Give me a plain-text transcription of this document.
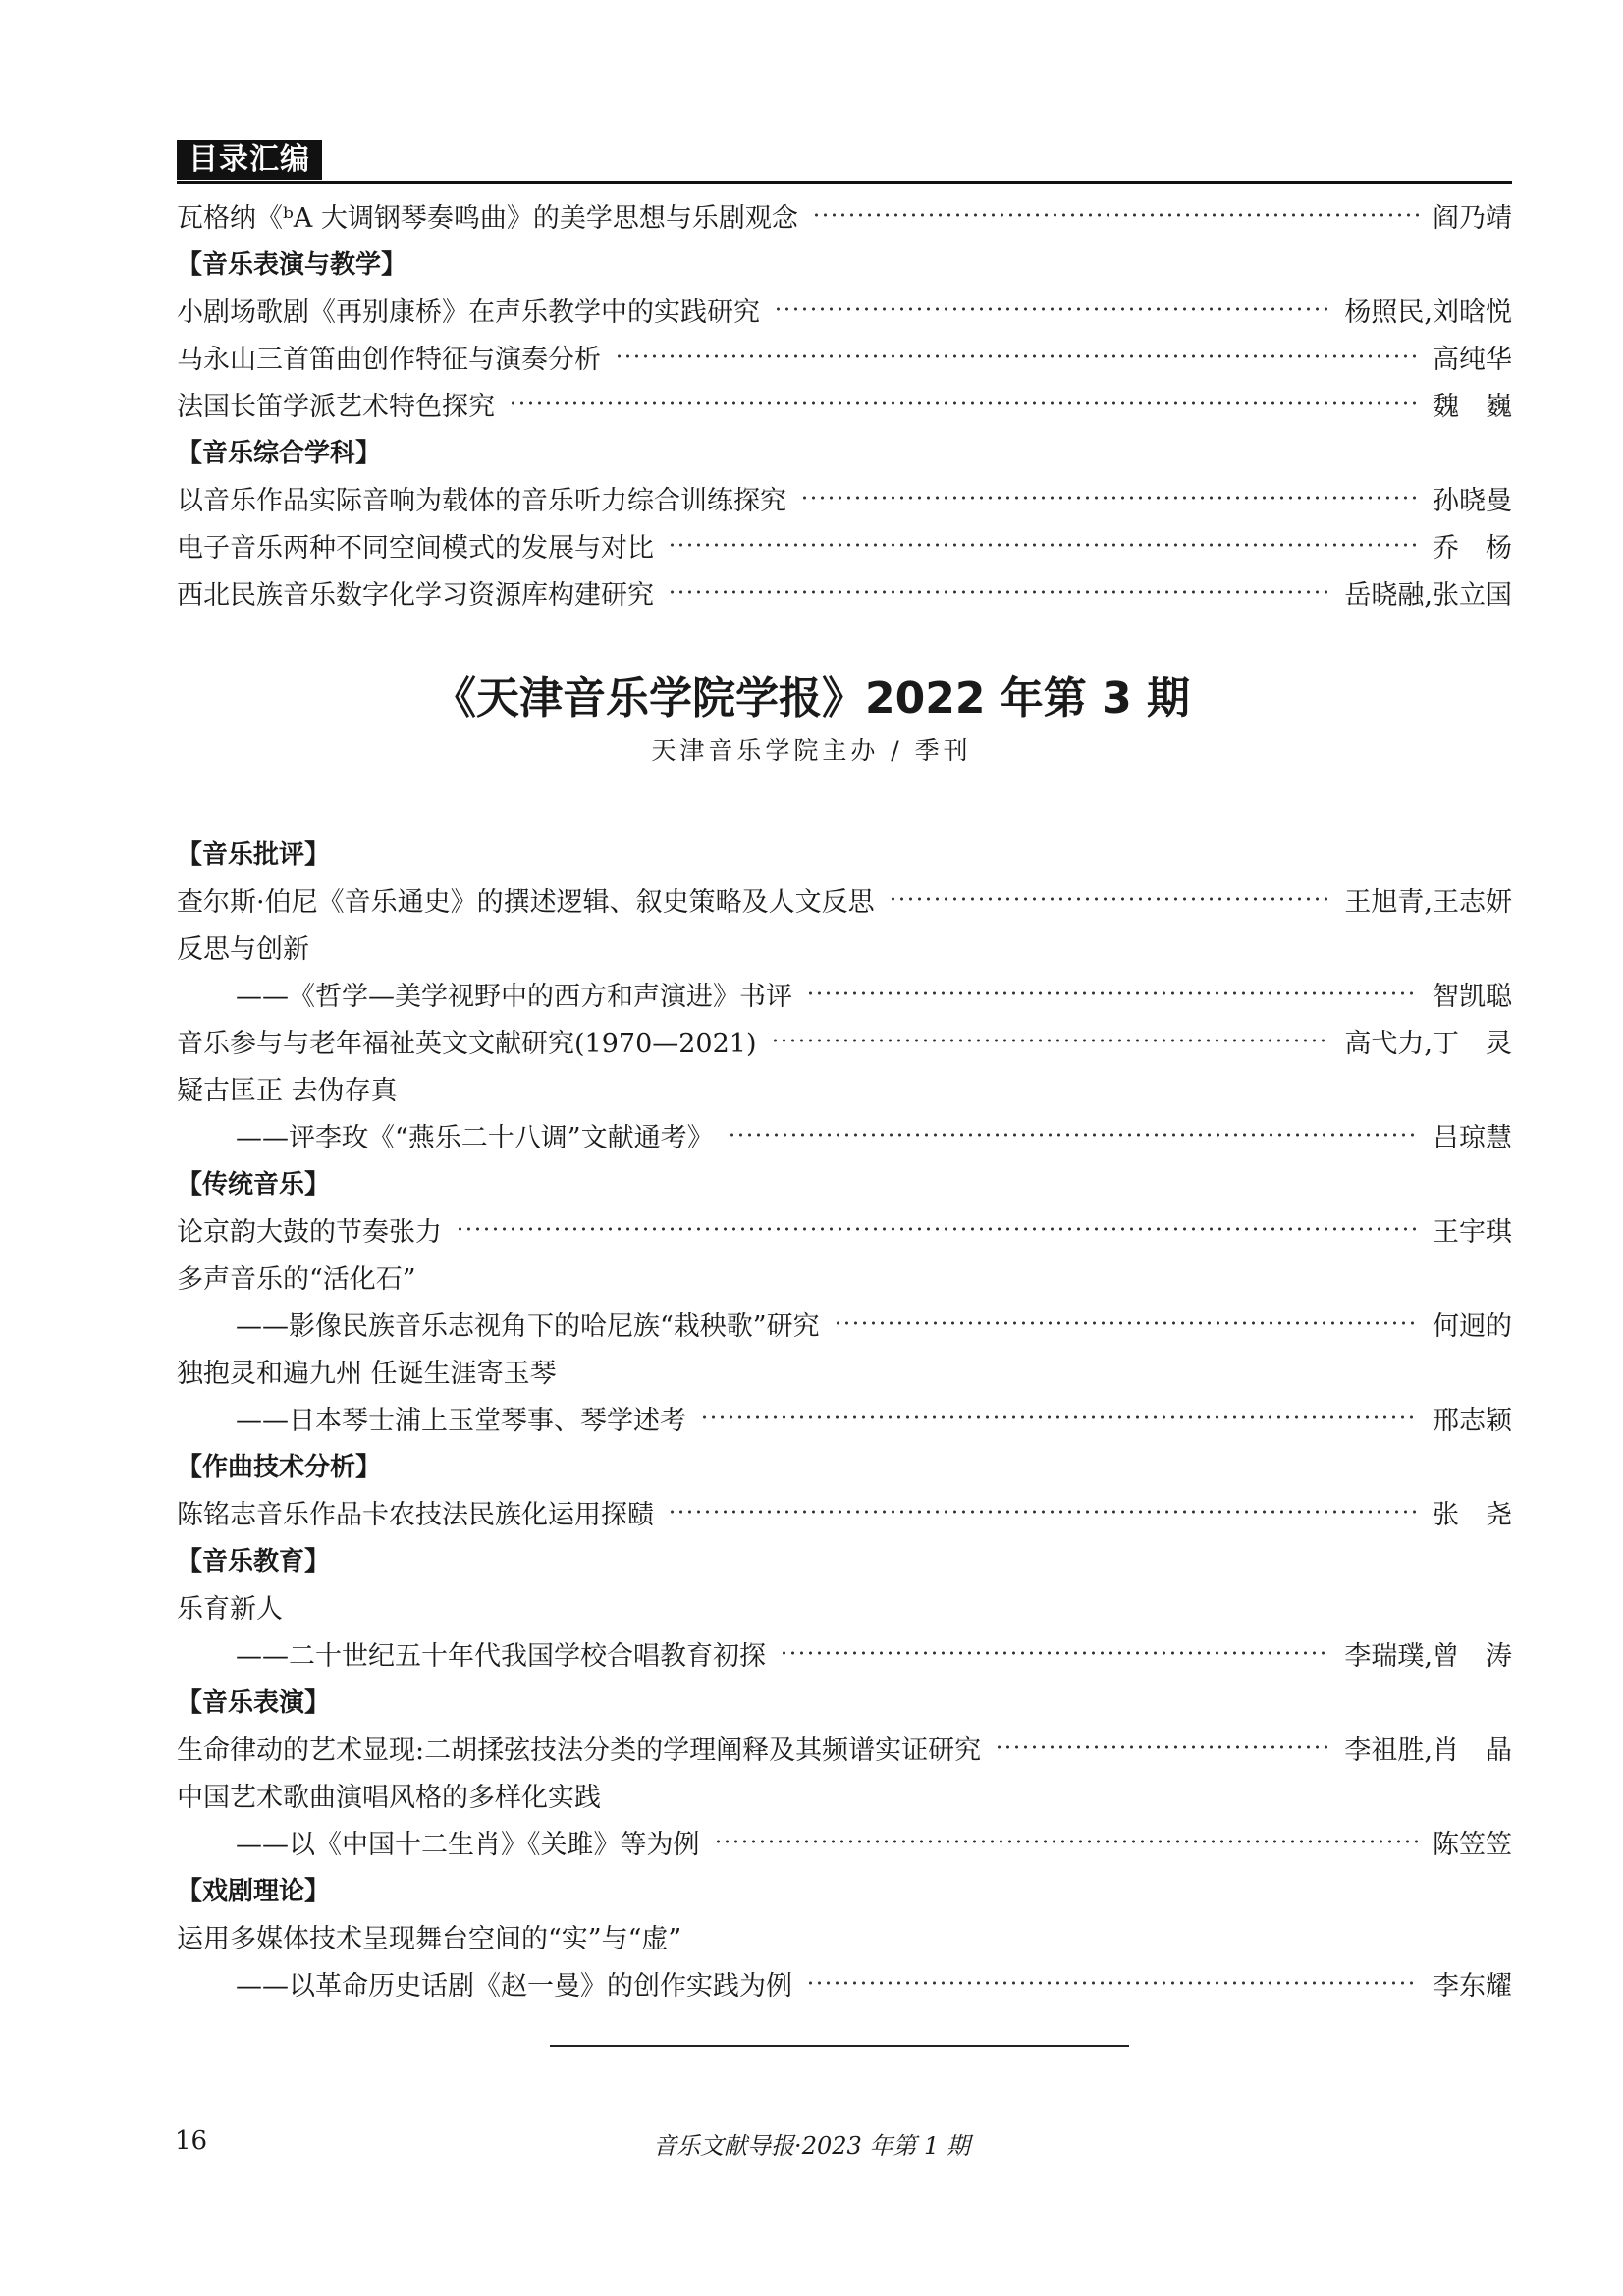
目录汇编
瓦格纳《ᵇA 大调钢琴奏鸣曲》的美学思想与乐剧观念	阎乃靖
【音乐表演与教学】
小剧场歌剧《再别康桥》在声乐教学中的实践研究	杨照民,刘晗悦
马永山三首笛曲创作特征与演奏分析	高纯华
法国长笛学派艺术特色探究	魏　巍
【音乐综合学科】
以音乐作品实际音响为载体的音乐听力综合训练探究	孙晓曼
电子音乐两种不同空间模式的发展与对比	乔　杨
西北民族音乐数字化学习资源库构建研究	岳晓融,张立国
《天津音乐学院学报》2022 年第 3 期
天津音乐学院主办 / 季刊
【音乐批评】
查尔斯·伯尼《音乐通史》的撰述逻辑、叙史策略及人文反思	王旭青,王志妍
反思与创新
——《哲学—美学视野中的西方和声演进》书评	智凯聪
音乐参与与老年福祉英文文献研究(1970—2021)	高弋力,丁　灵
疑古匡正 去伪存真
——评李玫《“燕乐二十八调”文献通考》	吕琼慧
【传统音乐】
论京韵大鼓的节奏张力	王宇琪
多声音乐的“活化石”
——影像民族音乐志视角下的哈尼族“栽秧歌”研究	何迥的
独抱灵和遍九州 任诞生涯寄玉琴
——日本琴士浦上玉堂琴事、琴学述考	邢志颖
【作曲技术分析】
陈铭志音乐作品卡农技法民族化运用探赜	张　尧
【音乐教育】
乐育新人
——二十世纪五十年代我国学校合唱教育初探	李瑞璞,曾　涛
【音乐表演】
生命律动的艺术显现:二胡揉弦技法分类的学理阐释及其频谱实证研究	李祖胜,肖　晶
中国艺术歌曲演唱风格的多样化实践
——以《中国十二生肖》《关雎》等为例	陈笠笠
【戏剧理论】
运用多媒体技术呈现舞台空间的“实”与“虚”
——以革命历史话剧《赵一曼》的创作实践为例	李东耀
16	音乐文献导报·2023 年第 1 期
